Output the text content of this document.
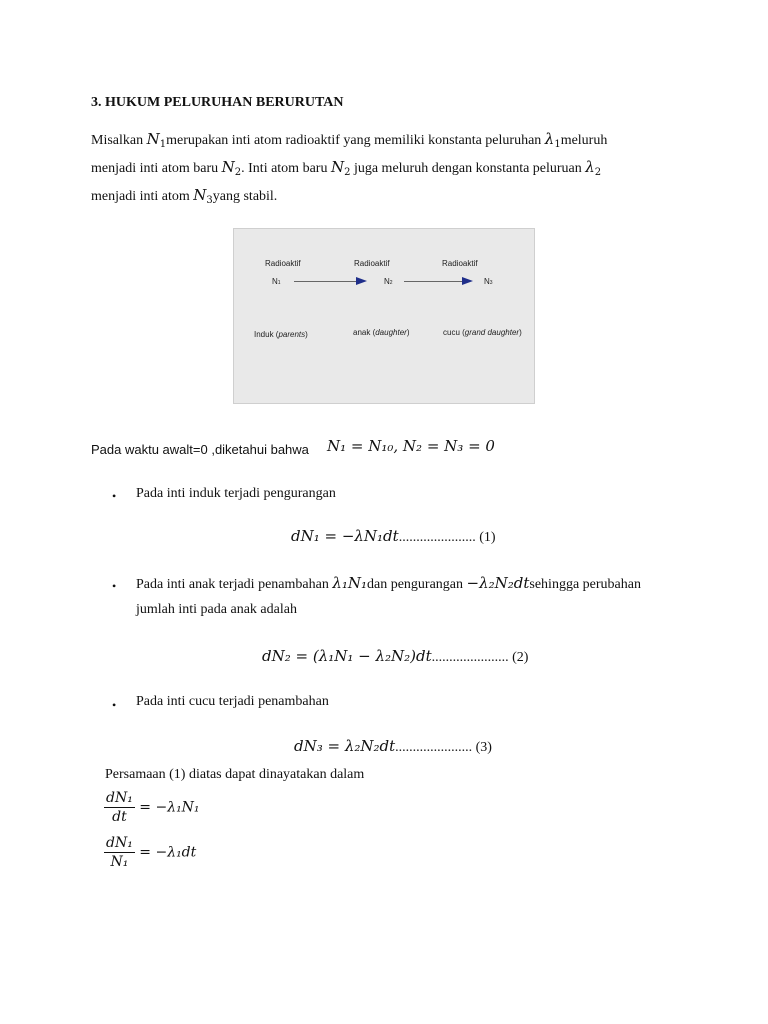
3. HUKUM PELURUHAN BERURUTAN
Misalkan $N_1merupakan$ inti atom radioaktif yang memiliki konstanta peluruhan $\lambda_1meluruh$
menjadi inti atom baru $N_2$. Inti atom baru $N_2$ juga meluruh dengan konstanta peluruan $\lambda_2$
menjadi inti atom $N_3yang$ stabil.
Radioaktif	Radioaktif	Radioaktif
N1	N2	N3
Induk (parents)	anak (daughter)	cucu (grand daughter)
Pada waktu awalt=0 ,diketahui bahwa N₁ = N₁₀, N₂ = N₃ = 0
• Pada inti induk terjadi pengurangan
dN₁ = −λN₁dt...................... (1)
• Pada inti anak terjadi penambahan λ₁N₁dan pengurangan −λ₂N₂dtsehingga perubahan
jumlah inti pada anak adalah
dN₂ = (λ₁N₁ − λ₂N₂)dt...................... (2)
• Pada inti cucu terjadi penambahan
dN₃ = λ₂N₂dt...................... (3)
Persamaan (1) diatas dapat dinayatakan dalam
$\frac{\text{dN₁}}{dt} = -\lambda_1N_1$
$\frac{\text{dN₁}}{\text{N₁}} = -\lambda_1dt$
